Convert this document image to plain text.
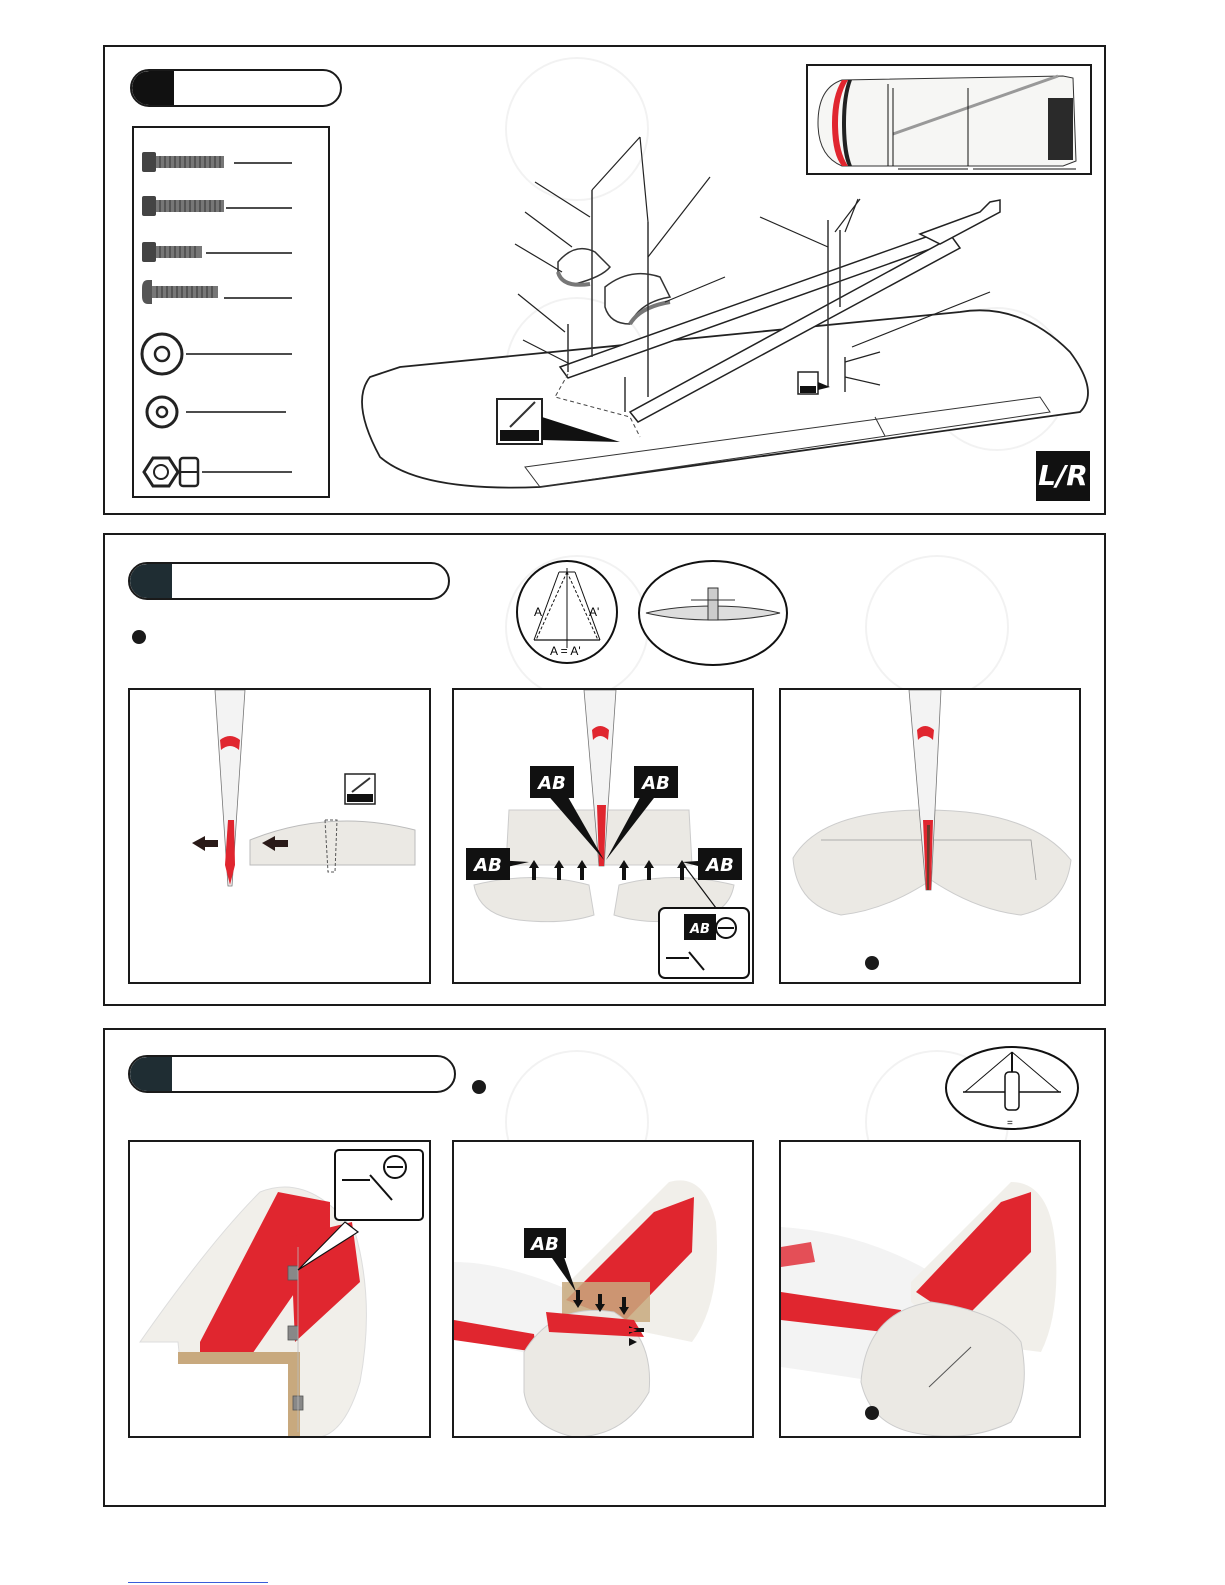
L/R
A	A'
A = A'
AB	AB
AB	AB
AB
=
AB
